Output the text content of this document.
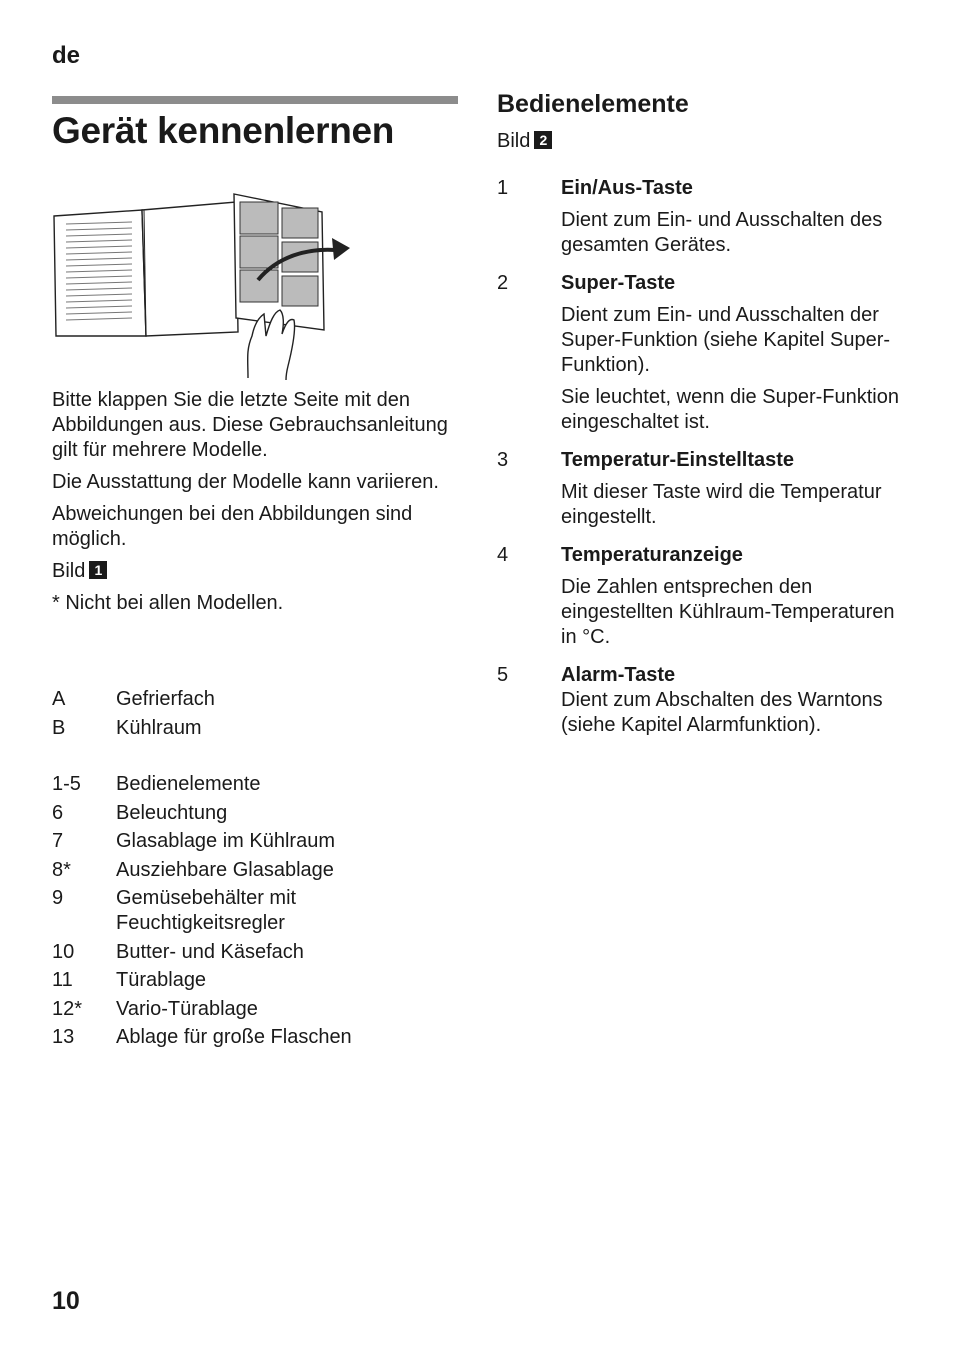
de
Gerät kennenlernen

Bitte klappen Sie die letzte Seite mit den Abbildungen aus. Diese Gebrauchsanleitung gilt für mehrere Modelle.

Die Ausstattung der Modelle kann variieren.

Abweichungen bei den Abbildungen sind möglich.

Bild 1

* Nicht bei allen Modellen.

A	Gefrierfach
B	Kühlraum
1-5	Bedienelemente
6	Beleuchtung
7	Glasablage im Kühlraum
8*	Ausziehbare Glasablage
9	Gemüsebehälter mit Feuchtigkeitsregler
10	Butter- und Käsefach
11	Türablage
12*	Vario-Türablage
13	Ablage für große Flaschen
Bedienelemente
Bild 2
1	Ein/Aus-Taste

Dient zum Ein- und Ausschalten des gesamten Gerätes.

2	Super-Taste

Dient zum Ein- und Ausschalten der Super-Funktion (siehe Kapitel Super-Funktion).

Sie leuchtet, wenn die Super-Funktion eingeschaltet ist.

3	Temperatur-Einstelltaste

Mit dieser Taste wird die Temperatur eingestellt.

4	Temperaturanzeige

Die Zahlen entsprechen den eingestellten Kühlraum-Temperaturen in °C.

5	Alarm-Taste

Dient zum Abschalten des Warntons (siehe Kapitel Alarmfunktion).

10
